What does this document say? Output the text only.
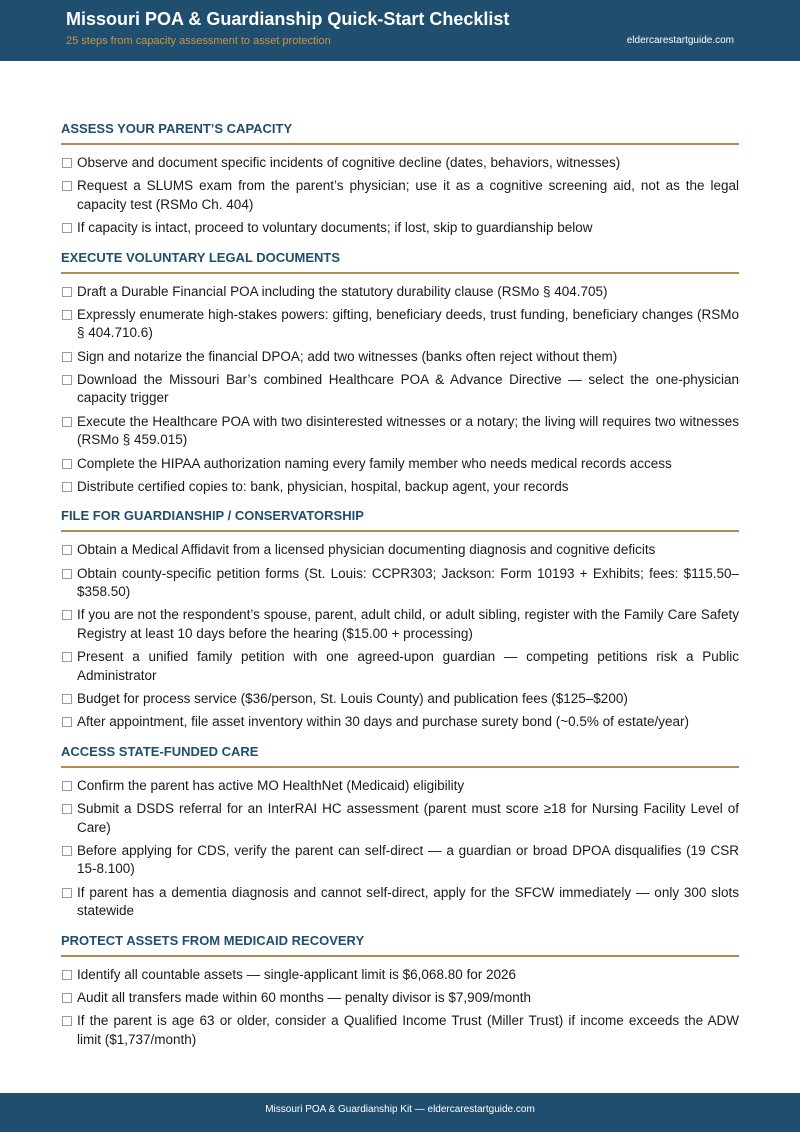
Missouri POA & Guardianship Quick-Start Checklist
25 steps from capacity assessment to asset protection	eldercarestartguide.com
ASSESS YOUR PARENT’S CAPACITY
Observe and document specific incidents of cognitive decline (dates, behaviors, witnesses)
Request a SLUMS exam from the parent’s physician; use it as a cognitive screening aid, not as the legal capacity test (RSMo Ch. 404)
If capacity is intact, proceed to voluntary documents; if lost, skip to guardianship below
EXECUTE VOLUNTARY LEGAL DOCUMENTS
Draft a Durable Financial POA including the statutory durability clause (RSMo § 404.705)
Expressly enumerate high-stakes powers: gifting, beneficiary deeds, trust funding, beneficiary changes (RSMo § 404.710.6)
Sign and notarize the financial DPOA; add two witnesses (banks often reject without them)
Download the Missouri Bar’s combined Healthcare POA & Advance Directive — select the one-physician capacity trigger
Execute the Healthcare POA with two disinterested witnesses or a notary; the living will requires two witnesses (RSMo § 459.015)
Complete the HIPAA authorization naming every family member who needs medical records access
Distribute certified copies to: bank, physician, hospital, backup agent, your records
FILE FOR GUARDIANSHIP / CONSERVATORSHIP
Obtain a Medical Affidavit from a licensed physician documenting diagnosis and cognitive deficits
Obtain county-specific petition forms (St. Louis: CCPR303; Jackson: Form 10193 + Exhibits; fees: $115.50–$358.50)
If you are not the respondent’s spouse, parent, adult child, or adult sibling, register with the Family Care Safety Registry at least 10 days before the hearing ($15.00 + processing)
Present a unified family petition with one agreed-upon guardian — competing petitions risk a Public Administrator
Budget for process service ($36/person, St. Louis County) and publication fees ($125–$200)
After appointment, file asset inventory within 30 days and purchase surety bond (~0.5% of estate/year)
ACCESS STATE-FUNDED CARE
Confirm the parent has active MO HealthNet (Medicaid) eligibility
Submit a DSDS referral for an InterRAI HC assessment (parent must score ≥18 for Nursing Facility Level of Care)
Before applying for CDS, verify the parent can self-direct — a guardian or broad DPOA disqualifies (19 CSR 15-8.100)
If parent has a dementia diagnosis and cannot self-direct, apply for the SFCW immediately — only 300 slots statewide
PROTECT ASSETS FROM MEDICAID RECOVERY
Identify all countable assets — single-applicant limit is $6,068.80 for 2026
Audit all transfers made within 60 months — penalty divisor is $7,909/month
If the parent is age 63 or older, consider a Qualified Income Trust (Miller Trust) if income exceeds the ADW limit ($1,737/month)
Missouri POA & Guardianship Kit — eldercarestartguide.com
